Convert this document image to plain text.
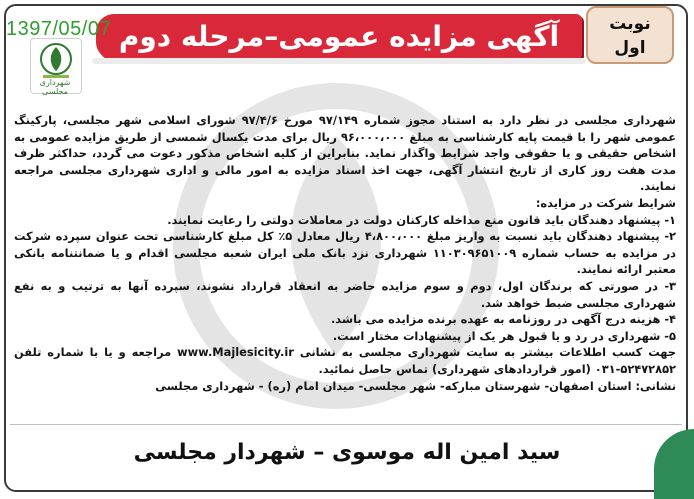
آگهی مزایده عمومی–مرحله دوم
1397/05/07
شهرداری مجلسی
نوبت
اول

شهرداری مجلسی در نظر دارد به استناد مجوز شماره ۹۷/۱۴۹ مورخ ۹۷/۴/۶ شورای اسلامی شهر مجلسی، پارکینگ عمومی شهر را با قیمت پایه کارشناسی به مبلغ ۹۶،۰۰۰،۰۰۰ ریال برای مدت یکسال شمسی از طریق مزایده عمومی به اشخاص حقیقی و یا حقوقی واجد شرایط واگذار نماید. بنابراین از کلیه اشخاص مذکور دعوت می گردد، حداکثر ظرف مدت هفت روز کاری از تاریخ انتشار آگهی، جهت اخذ اسناد مزایده به امور مالی و اداری شهرداری مجلسی مراجعه نمایند.

شرایط شرکت در مزایده:

۱- پیشنهاد دهندگان باید قانون منع مداخله کارکنان دولت در معاملات دولتی را رعایت نمایند.

۲- پیشنهاد دهندگان باید نسبت به واریز مبلغ ۴،۸۰۰،۰۰۰ ریال معادل ۵٪ کل مبلغ کارشناسی تحت عنوان سپرده شرکت در مزایده به حساب شماره ۱۱۰۳۰۹۶۵۱۰۰۹ شهرداری نزد بانک ملی ایران شعبه مجلسی اقدام و یا ضمانتنامه بانکی معتبر ارائه نمایند.

۳- در صورتی که برندگان اول، دوم و سوم مزایده حاضر به انعقاد قرارداد نشوند، سپرده آنها به ترتیب و به نفع شهرداری مجلسی ضبط خواهد شد.

۴- هزینه درج آگهی در روزنامه به عهده برنده مزایده می باشد.

۵- شهرداری در رد و یا قبول هر یک از پیشنهادات مختار است.

جهت کسب اطلاعات بیشتر به سایت شهرداری مجلسی به نشانی www.Majlesicity.ir مراجعه و یا با شماره تلفن ۵۲۴۷۲۸۵۲-۰۳۱ (امور قراردادهای شهرداری) تماس حاصل نمائید.

نشانی: استان اصفهان- شهرستان مبارکه- شهر مجلسی- میدان امام (ره) - شهرداری مجلسی

سید امین اله موسوی – شهردار مجلسی
